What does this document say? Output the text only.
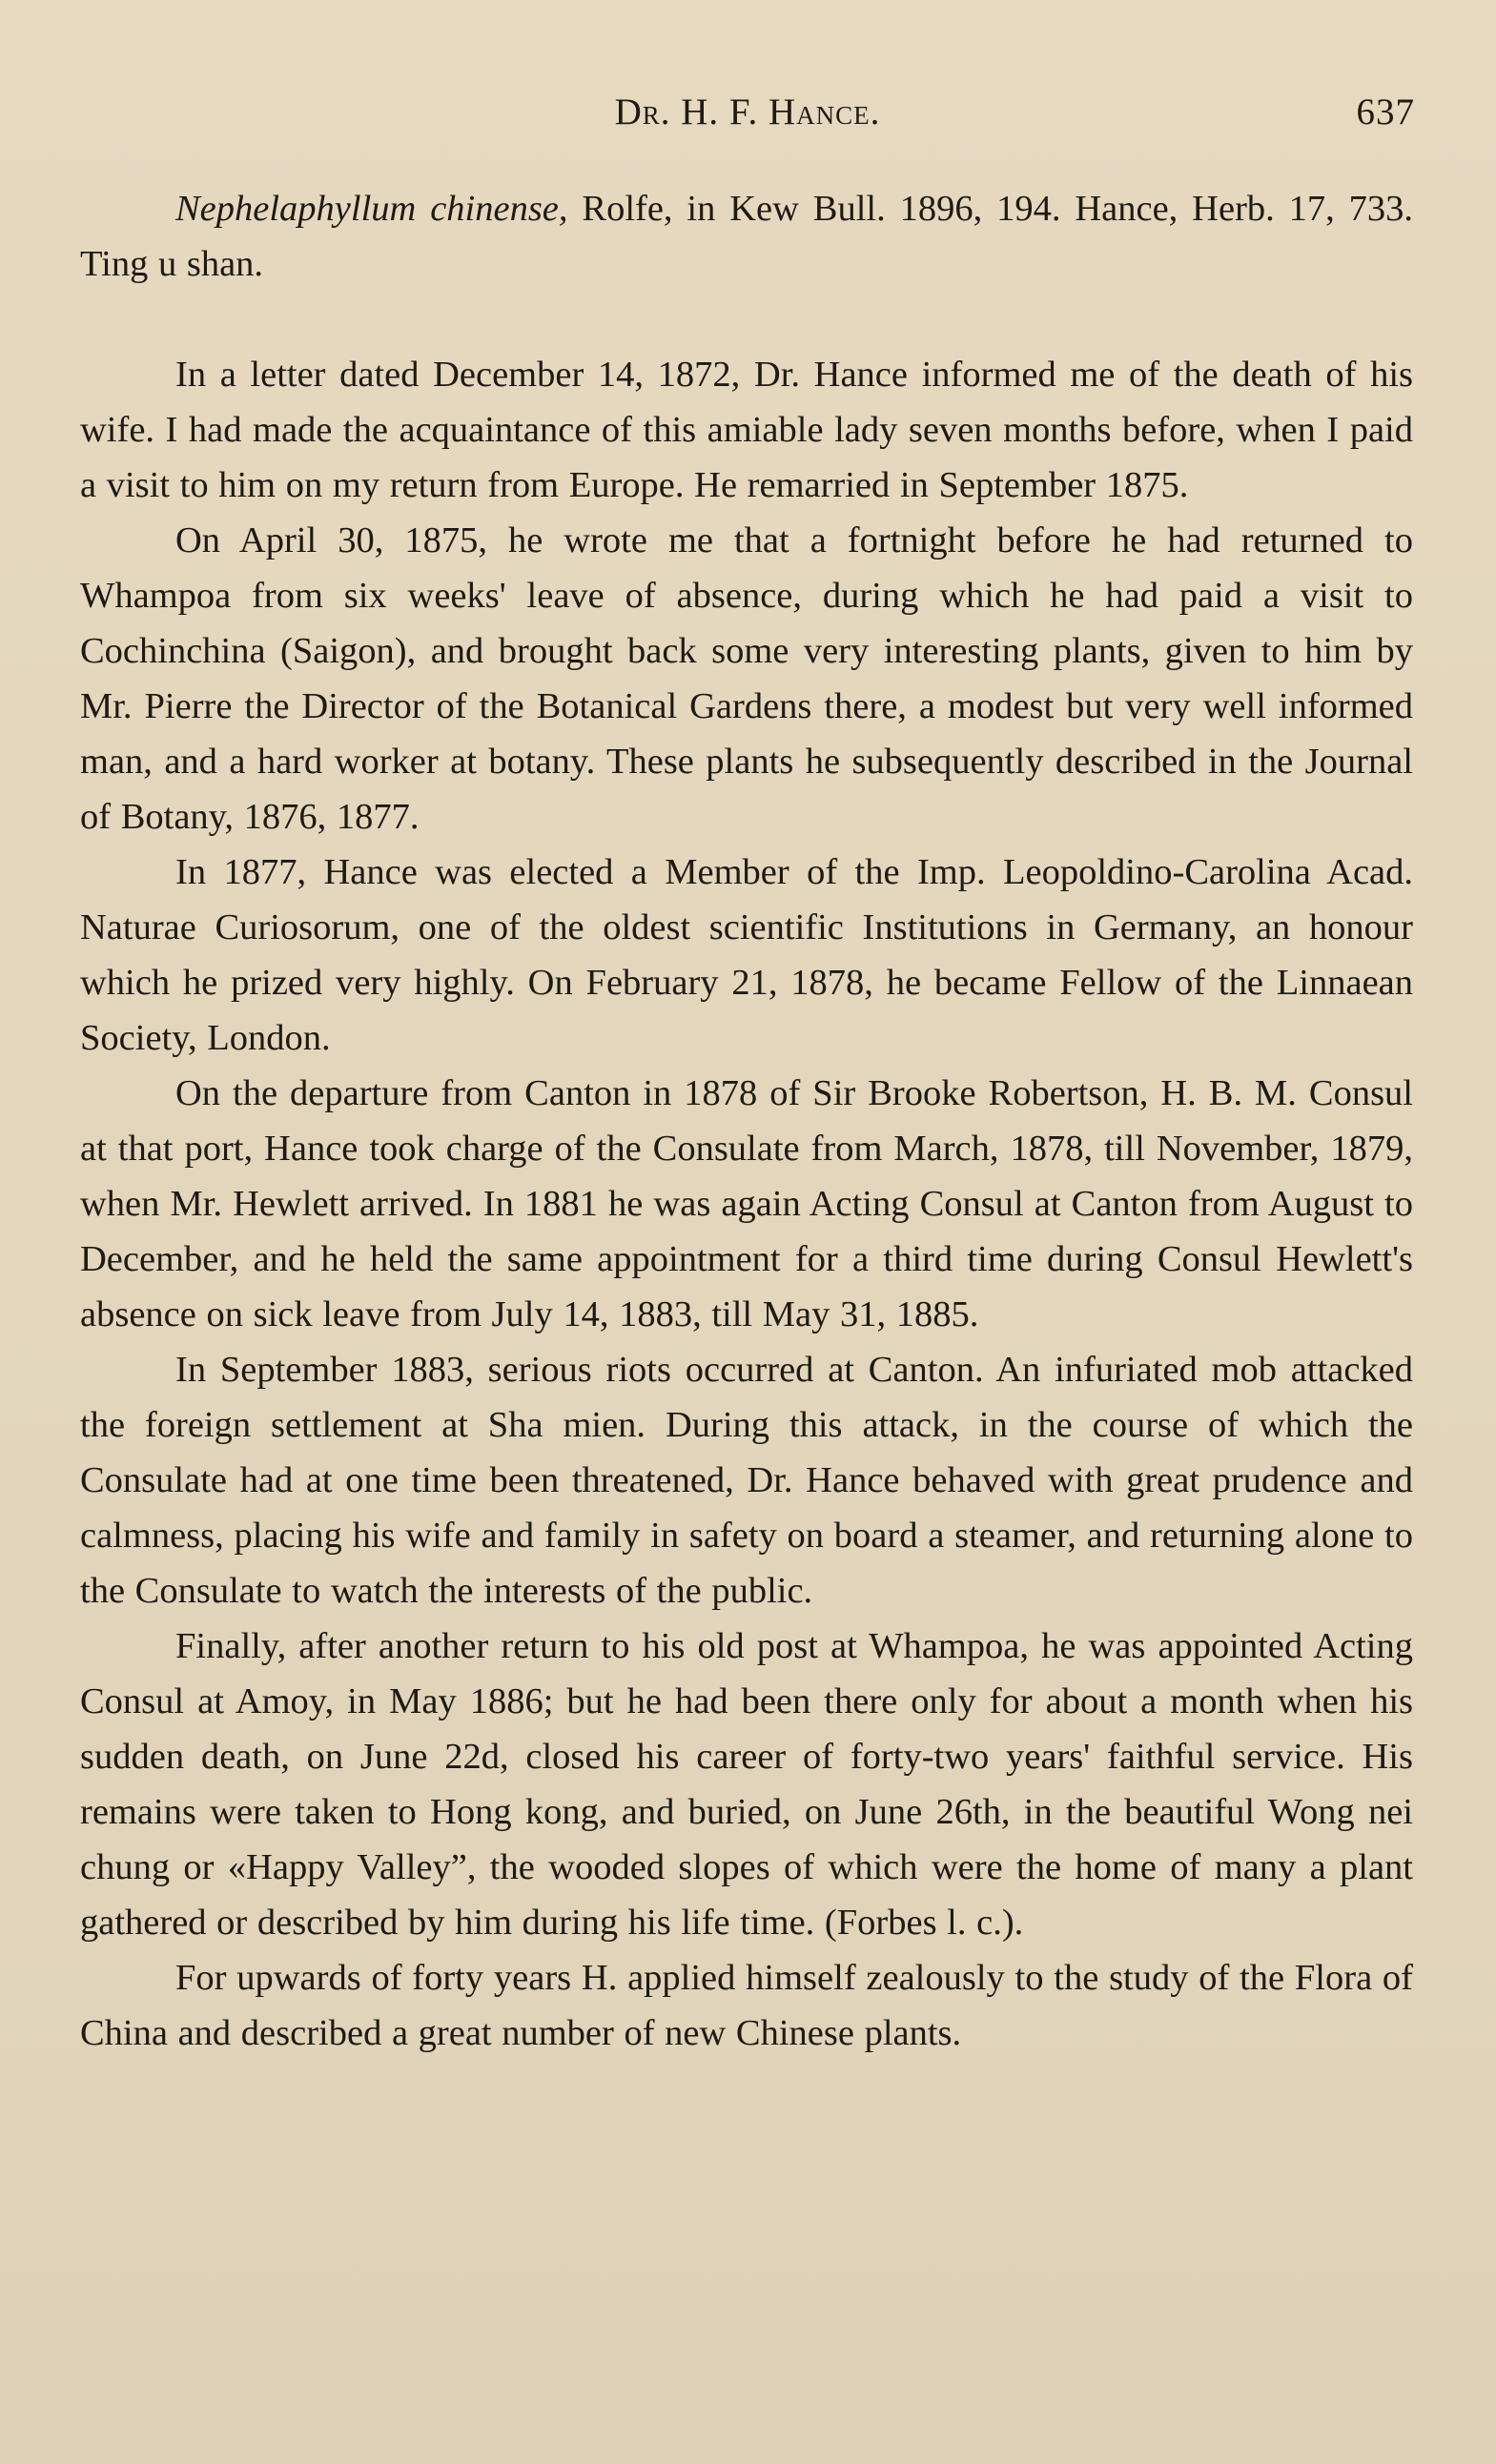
Dr. H. F. Hance.	637

Nephelaphyllum chinense, Rolfe, in Kew Bull. 1896, 194. Hance, Herb. 17, 733. Ting u shan.

In a letter dated December 14, 1872, Dr. Hance informed me of the death of his wife. I had made the acquaintance of this amiable lady seven months before, when I paid a visit to him on my return from Europe. He remarried in September 1875.

On April 30, 1875, he wrote me that a fortnight before he had returned to Whampoa from six weeks' leave of absence, during which he had paid a visit to Cochinchina (Saigon), and brought back some very interesting plants, given to him by Mr. Pierre the Director of the Botanical Gardens there, a modest but very well informed man, and a hard worker at botany. These plants he subsequently described in the Journal of Botany, 1876, 1877.

In 1877, Hance was elected a Member of the Imp. Leopoldino-Carolina Acad. Naturae Curiosorum, one of the oldest scientific Institutions in Germany, an honour which he prized very highly. On February 21, 1878, he became Fellow of the Linnaean Society, London.

On the departure from Canton in 1878 of Sir Brooke Robertson, H. B. M. Consul at that port, Hance took charge of the Consulate from March, 1878, till November, 1879, when Mr. Hewlett arrived. In 1881 he was again Acting Consul at Canton from August to December, and he held the same appointment for a third time during Consul Hewlett's absence on sick leave from July 14, 1883, till May 31, 1885.

In September 1883, serious riots occurred at Canton. An infuriated mob attacked the foreign settlement at Sha mien. During this attack, in the course of which the Consulate had at one time been threatened, Dr. Hance behaved with great prudence and calmness, placing his wife and family in safety on board a steamer, and returning alone to the Consulate to watch the interests of the public.

Finally, after another return to his old post at Whampoa, he was appointed Acting Consul at Amoy, in May 1886; but he had been there only for about a month when his sudden death, on June 22d, closed his career of forty-two years' faithful service. His remains were taken to Hong kong, and buried, on June 26th, in the beautiful Wong nei chung or «Happy Valley”, the wooded slopes of which were the home of many a plant gathered or described by him during his life time. (Forbes l. c.).

For upwards of forty years H. applied himself zealously to the study of the Flora of China and described a great number of new Chinese plants.
